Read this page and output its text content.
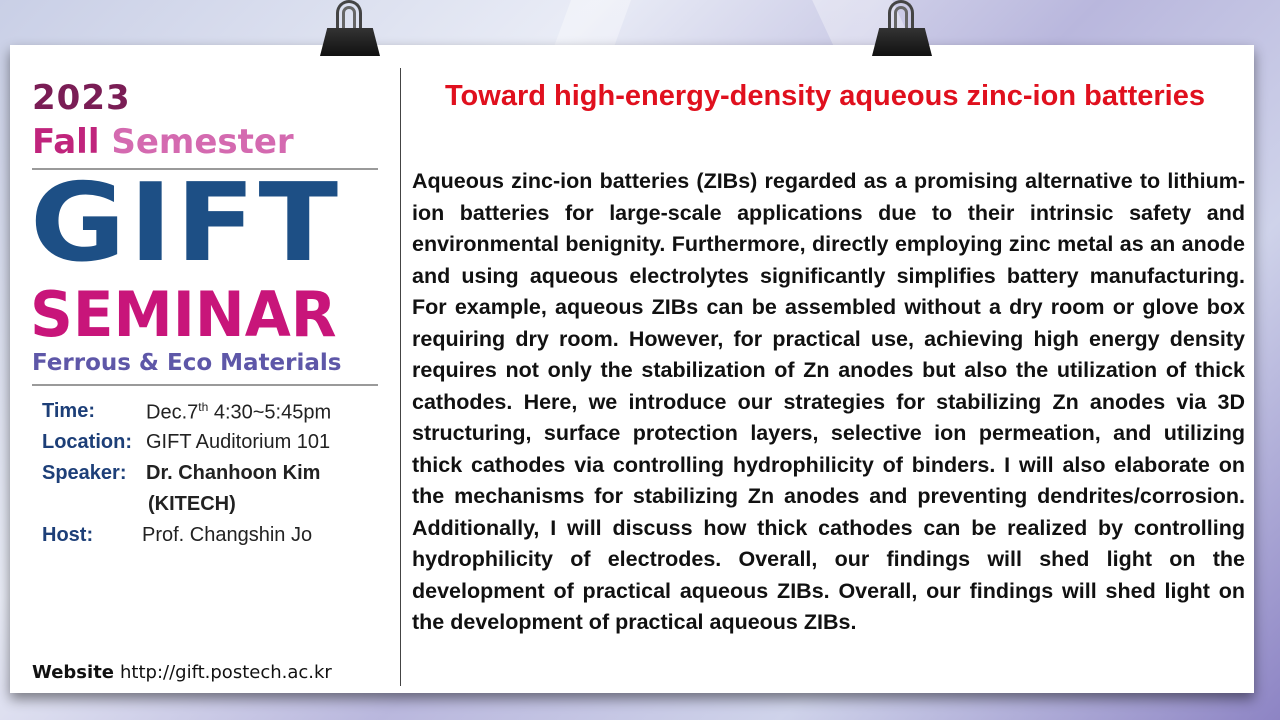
2023
Fall Semester
GIFT
SEMINAR
Ferrous & Eco Materials
Time:	Dec.7th 4:30~5:45pm
Location: GIFT Auditorium 101
Speaker: Dr. Chanhoon Kim
(KITECH)
Host: Prof. Changshin Jo
Website http://gift.postech.ac.kr
Toward high-energy-density aqueous zinc-ion batteries

Aqueous zinc-ion batteries (ZIBs) regarded as a promising alternative to lithium-ion batteries for large-scale applications due to their intrinsic safety and environmental benignity. Furthermore, directly employing zinc metal as an anode and using aqueous electrolytes significantly simplifies battery manufacturing. For example, aqueous ZIBs can be assembled without a dry room or glove box requiring dry room. However, for practical use, achieving high energy density requires not only the stabilization of Zn anodes but also the utilization of thick cathodes. Here, we introduce our strategies for stabilizing Zn anodes via 3D structuring, surface protection layers, selective ion permeation, and utilizing thick cathodes via controlling hydrophilicity of binders. I will also elaborate on the mechanisms for stabilizing Zn anodes and preventing dendrites/corrosion. Additionally, I will discuss how thick cathodes can be realized by controlling hydrophilicity of electrodes. Overall, our findings will shed light on the development of practical aqueous ZIBs. Overall, our findings will shed light on the development of practical aqueous ZIBs.
